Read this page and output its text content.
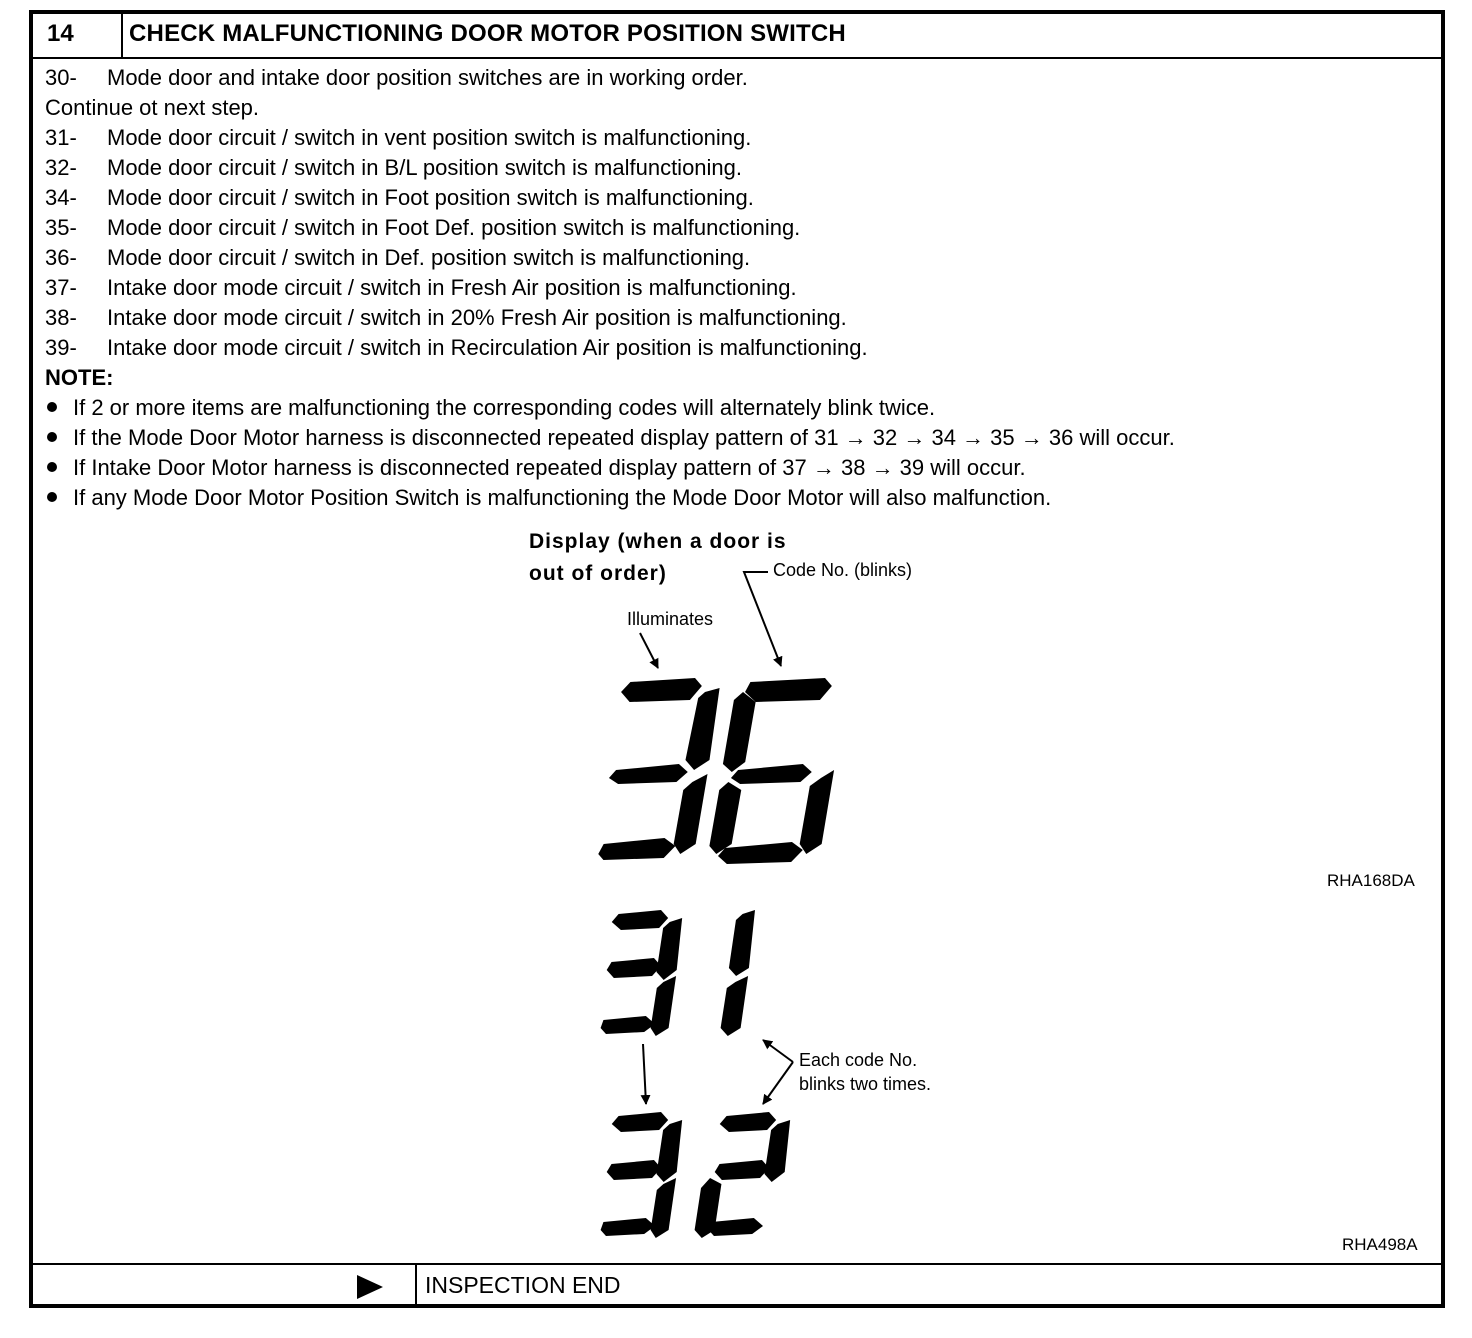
14 CHECK MALFUNCTIONING DOOR MOTOR POSITION SWITCH
30- Mode door and intake door position switches are in working order.
Continue ot next step.
31- Mode door circuit / switch in vent position switch is malfunctioning.
32- Mode door circuit / switch in B/L position switch is malfunctioning.
34- Mode door circuit / switch in Foot position switch is malfunctioning.
35- Mode door circuit / switch in Foot Def. position switch is malfunctioning.
36- Mode door circuit / switch in Def. position switch is malfunctioning.
37- Intake door mode circuit / switch in Fresh Air position is malfunctioning.
38- Intake door mode circuit / switch in 20% Fresh Air position is malfunctioning.
39- Intake door mode circuit / switch in Recirculation Air position is malfunctioning.
NOTE:
If 2 or more items are malfunctioning the corresponding codes will alternately blink twice.
If the Mode Door Motor harness is disconnected repeated display pattern of 31 → 32 → 34 → 35 → 36 will occur.
If Intake Door Motor harness is disconnected repeated display pattern of 37 → 38 → 39 will occur.
If any Mode Door Motor Position Switch is malfunctioning the Mode Door Motor will also malfunction.
Display (when a door is
out of order)	Code No. (blinks)
Illuminates
RHA168DA
Each code No.
blinks two times.
RHA498A
INSPECTION END
